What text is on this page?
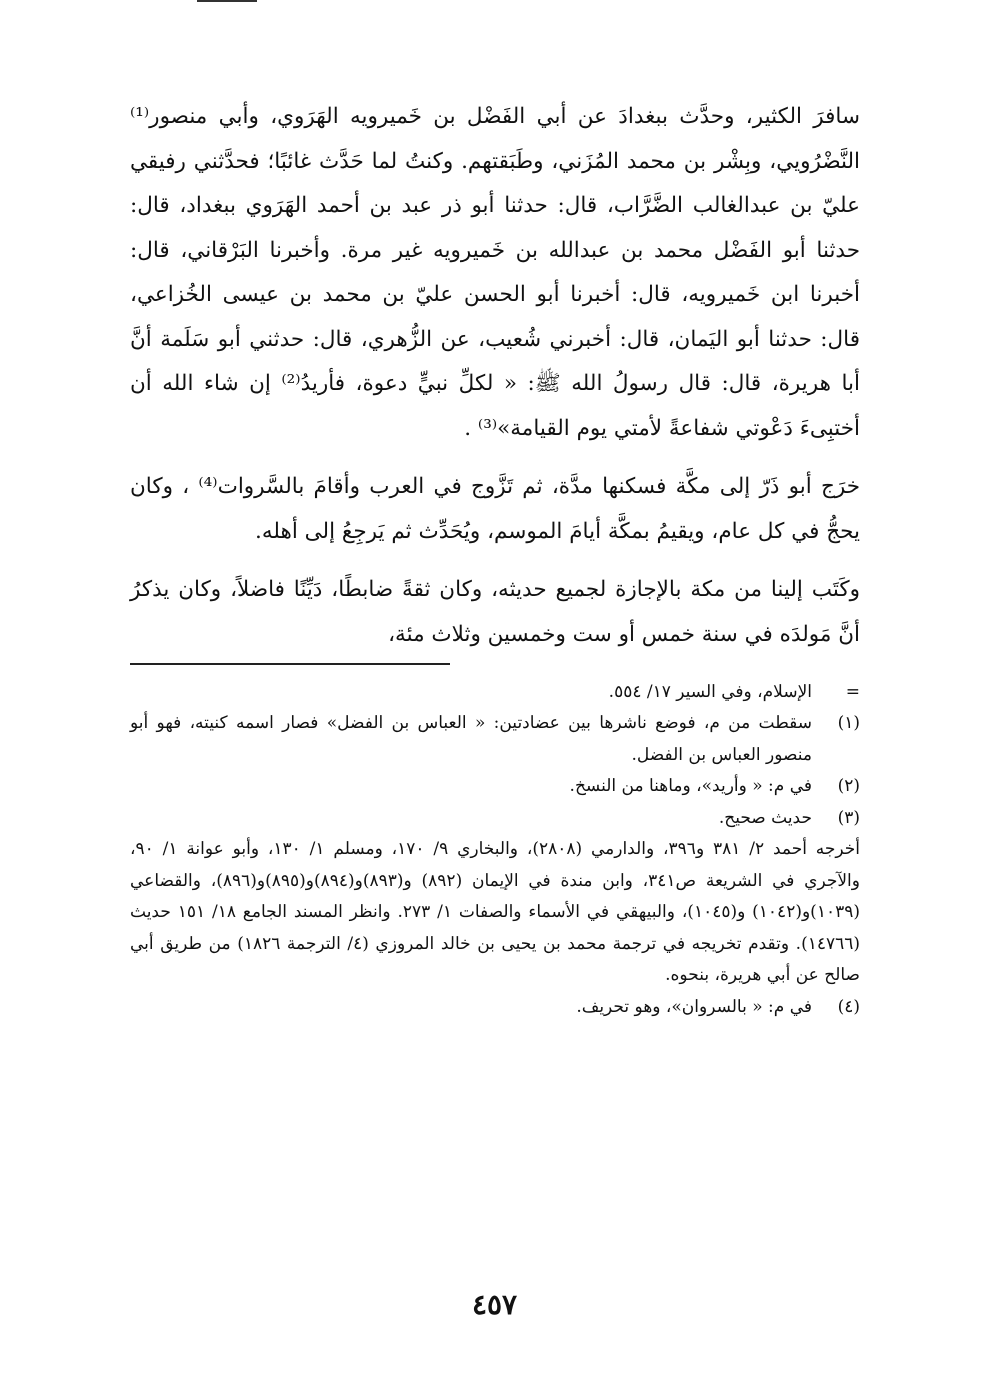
سافرَ الكثير، وحدَّث ببغدادَ عن أبي الفَضْل بن خَميرويه الهَرَوي، وأبي منصور⁽¹⁾ النَّضْرُويي، وبِشْر بن محمد المُزَني، وطَبَقتهم. وكنتُ لما حَدَّث غائبًا؛ فحدَّثني رفيقي عليّ بن عبدالغالب الضَّرَّاب، قال: حدثنا أبو ذر عبد بن أحمد الهَرَوي ببغداد، قال: حدثنا أبو الفَضْل محمد بن عبدالله بن خَميرويه غير مرة. وأخبرنا البَرْقاني، قال: أخبرنا ابن خَميرويه، قال: أخبرنا أبو الحسن عليّ بن محمد بن عيسى الخُزاعي، قال: حدثنا أبو اليَمان، قال: أخبرني شُعيب، عن الزُّهري، قال: حدثني أبو سَلَمة أنَّ أبا هريرة، قال: قال رسولُ الله ﷺ: « لكلِّ نبيٍّ دعوة، فأريدُ⁽²⁾ إن شاء الله أن أختبِىءَ دَعْوتي شفاعةً لأمتي يوم القيامة»⁽³⁾ .

خرَج أبو ذَرّ إلى مكَّة فسكنها مدَّة، ثم تَزَّوج في العرب وأقامَ بالسَّروات⁽⁴⁾ ، وكان يحجُّ في كل عام، ويقيمُ بمكَّة أيامَ الموسم، ويُحَدِّث ثم يَرجِعُ إلى أهله.

وكَتَب إلينا من مكة بالإجازة لجميع حديثه، وكان ثقةً ضابطًا، دَيِّنًا فاضلاً، وكان يذكرُ أنَّ مَولدَه في سنة خمس أو ست وخمسين وثلاث مئة،

=
الإسلام، وفي السير ١٧/ ٥٥٤.
(١)
سقطت من م، فوضع ناشرها بين عضادتين: « العباس بن الفضل» فصار اسمه كنيته، فهو أبو منصور العباس بن الفضل.
(٢)
في م: « وأريد»، وماهنا من النسخ.
(٣)
حديث صحيح.
أخرجه أحمد ٢/ ٣٨١ و٣٩٦، والدارمي (٢٨٠٨)، والبخاري ٩/ ١٧٠، ومسلم ١/ ١٣٠، وأبو عوانة ١/ ٩٠، والآجري في الشريعة ص٣٤١، وابن مندة في الإيمان (٨٩٢) و(٨٩٣)و(٨٩٤)و(٨٩٥)و(٨٩٦)، والقضاعي (١٠٣٩)و(١٠٤٢) و(١٠٤٥)، والبيهقي في الأسماء والصفات ١/ ٢٧٣. وانظر المسند الجامع ١٨/ ١٥١ حديث (١٤٧٦٦). وتقدم تخريجه في ترجمة محمد بن يحيى بن خالد المروزي (٤/ الترجمة ١٨٢٦) من طريق أبي صالح عن أبي هريرة، بنحوه.
(٤)
في م: « بالسروان»، وهو تحريف.
٤٥٧
